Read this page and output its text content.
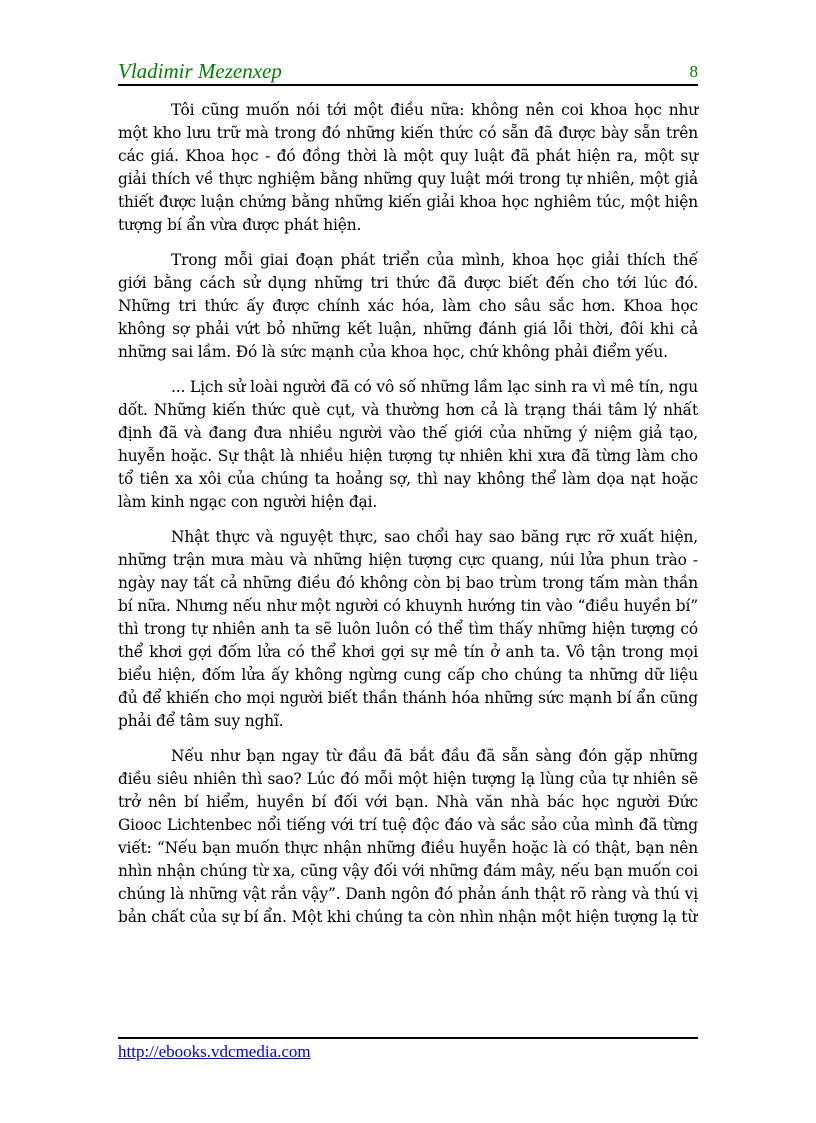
Vladimir Mezenxep	8

Tôi cũng muốn nói tới một điều nữa: không nên coi khoa học như một kho lưu trữ mà trong đó những kiến thức có sẵn đã được bày sẵn trên các giá. Khoa học - đó đồng thời là một quy luật đã phát hiện ra, một sự giải thích về thực nghiệm bằng những quy luật mới trong tự nhiên, một giả thiết được luận chứng bằng những kiến giải khoa học nghiêm túc, một hiện tượng bí ẩn vừa được phát hiện.

Trong mỗi giai đoạn phát triển của mình, khoa học giải thích thế giới bằng cách sử dụng những tri thức đã được biết đến cho tới lúc đó. Những tri thức ấy được chính xác hóa, làm cho sâu sắc hơn. Khoa học không sợ phải vứt bỏ những kết luận, những đánh giá lỗi thời, đôi khi cả những sai lầm. Đó là sức mạnh của khoa học, chứ không phải điểm yếu.

... Lịch sử loài người đã có vô số những lầm lạc sinh ra vì mê tín, ngu dốt. Những kiến thức què cụt, và thường hơn cả là trạng thái tâm lý nhất định đã và đang đưa nhiều người vào thế giới của những ý niệm giả tạo, huyễn hoặc. Sự thật là nhiều hiện tượng tự nhiên khi xưa đã từng làm cho tổ tiên xa xôi của chúng ta hoảng sợ, thì nay không thể làm dọa nạt hoặc làm kinh ngạc con người hiện đại.

Nhật thực và nguyệt thực, sao chổi hay sao băng rực rỡ xuất hiện, những trận mưa màu và những hiện tượng cực quang, núi lửa phun trào - ngày nay tất cả những điều đó không còn bị bao trùm trong tấm màn thần bí nữa. Nhưng nếu như một người có khuynh hướng tin vào “điều huyền bí” thì trong tự nhiên anh ta sẽ luôn luôn có thể tìm thấy những hiện tượng có thể khơi gợi đốm lửa có thể khơi gợi sự mê tín ở anh ta. Vô tận trong mọi biểu hiện, đốm lửa ấy không ngừng cung cấp cho chúng ta những dữ liệu đủ để khiến cho mọi người biết thần thánh hóa những sức mạnh bí ẩn cũng phải để tâm suy nghĩ.

Nếu như bạn ngay từ đầu đã bắt đầu đã sẵn sàng đón gặp những điều siêu nhiên thì sao? Lúc đó mỗi một hiện tượng lạ lùng của tự nhiên sẽ trở nên bí hiểm, huyền bí đối với bạn. Nhà văn nhà bác học người Đức Giooc Lichtenbec nổi tiếng với trí tuệ độc đáo và sắc sảo của mình đã từng viết: “Nếu bạn muốn thực nhận những điều huyễn hoặc là có thật, bạn nên nhìn nhận chúng từ xa, cũng vậy đối với những đám mây, nếu bạn muốn coi chúng là những vật rắn vậy”. Danh ngôn đó phản ánh thật rõ ràng và thú vị bản chất của sự bí ẩn. Một khi chúng ta còn nhìn nhận một hiện tượng lạ từ

http://ebooks.vdcmedia.com
